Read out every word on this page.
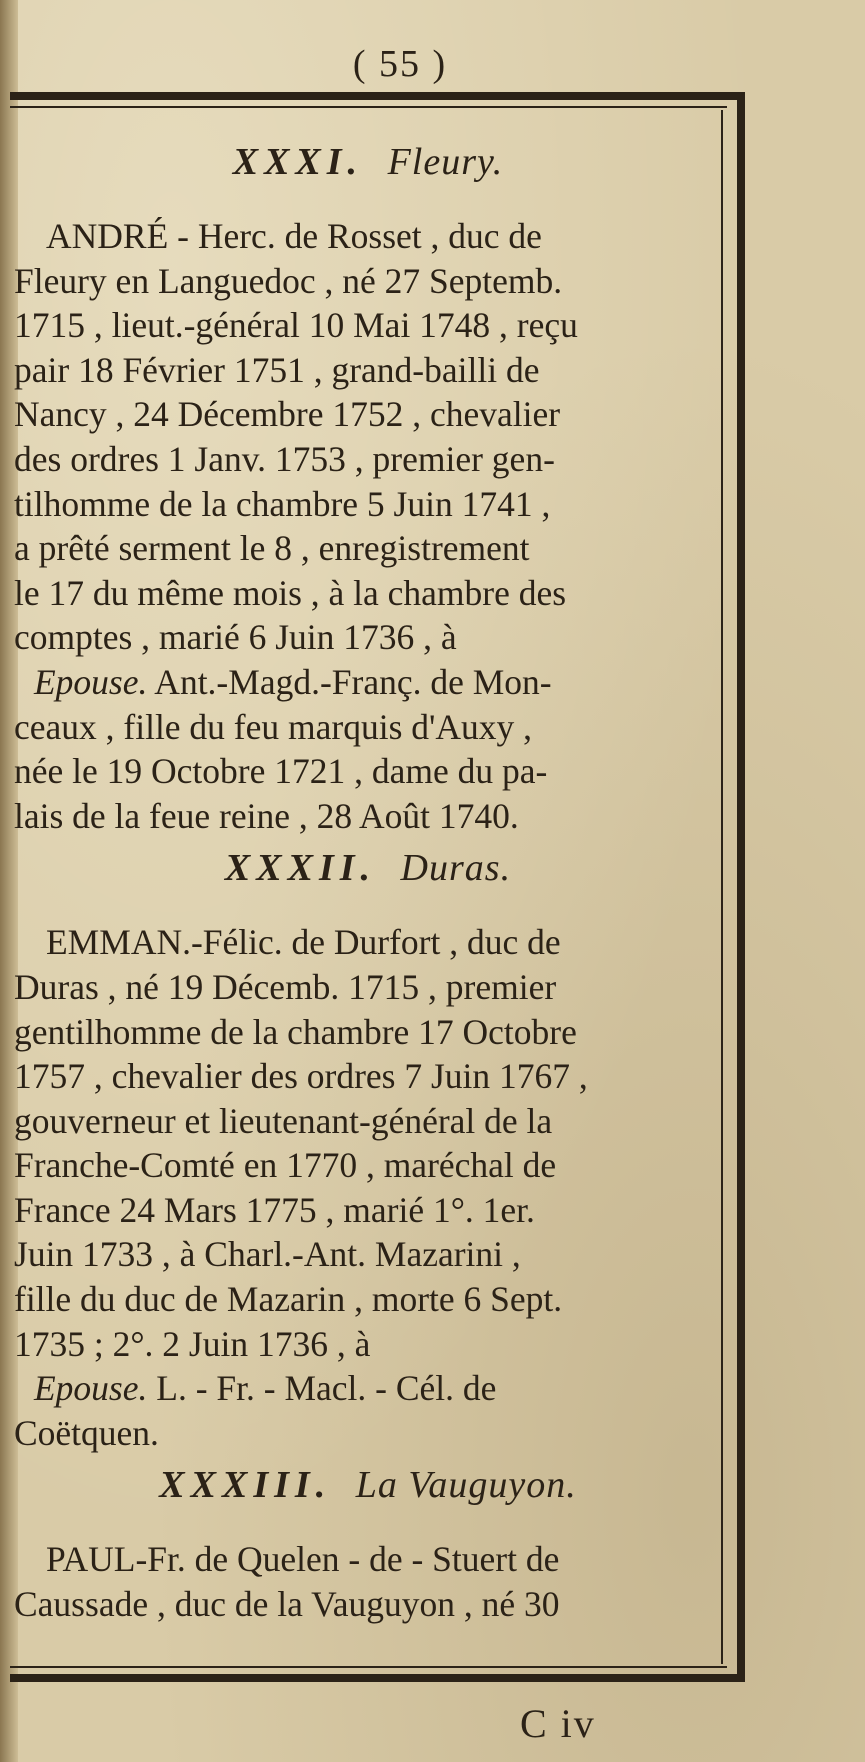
( 55 )
XXXI. Fleury.
ANDRÉ - Herc. de Rosset , duc de
Fleury en Languedoc , né 27 Septemb.
1715 , lieut.-général 10 Mai 1748 , reçu
pair 18 Février 1751 , grand-bailli de
Nancy , 24 Décembre 1752 , chevalier
des ordres 1 Janv. 1753 , premier gen-
tilhomme de la chambre 5 Juin 1741 ,
a prêté serment le 8 , enregistrement
le 17 du même mois , à la chambre des
comptes , marié 6 Juin 1736 , à
Epouse. Ant.-Magd.-Franç. de Mon-
ceaux , fille du feu marquis d'Auxy ,
née le 19 Octobre 1721 , dame du pa-
lais de la feue reine , 28 Août 1740.
XXXII. Duras.
EMMAN.-Félic. de Durfort , duc de
Duras , né 19 Décemb. 1715 , premier
gentilhomme de la chambre 17 Octobre
1757 , chevalier des ordres 7 Juin 1767 ,
gouverneur et lieutenant-général de la
Franche-Comté en 1770 , maréchal de
France 24 Mars 1775 , marié 1°. 1er.
Juin 1733 , à Charl.-Ant. Mazarini ,
fille du duc de Mazarin , morte 6 Sept.
1735 ; 2°. 2 Juin 1736 , à
Epouse. L. - Fr. - Macl. - Cél. de
Coëtquen.
XXXIII. La Vauguyon.
PAUL-Fr. de Quelen - de - Stuert de
Caussade , duc de la Vauguyon , né 30
C iv
